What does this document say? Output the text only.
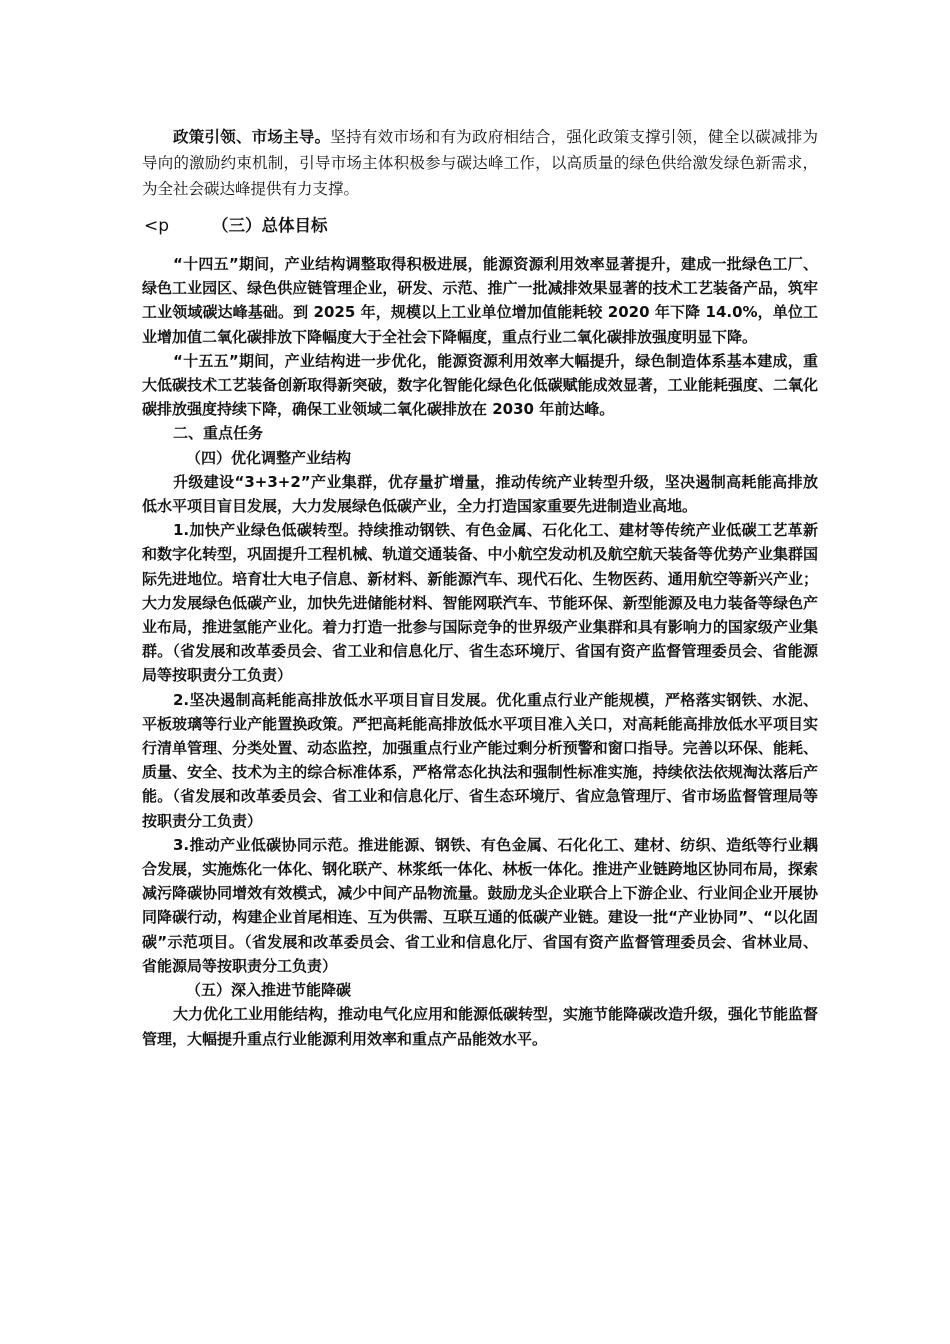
政策引领、市场主导。坚持有效市场和有为政府相结合，强化政策支撑引领，健全以碳减排为导向的激励约束机制，引导市场主体积极参与碳达峰工作，以高质量的绿色供给激发绿色新需求，为全社会碳达峰提供有力支撑。

<p	（三）总体目标

“十四五”期间，产业结构调整取得积极进展，能源资源利用效率显著提升，建成一批绿色工厂、绿色工业园区、绿色供应链管理企业，研发、示范、推广一批减排效果显著的技术工艺装备产品，筑牢工业领域碳达峰基础。到 2025 年，规模以上工业单位增加值能耗较 2020 年下降 14.0%，单位工业增加值二氧化碳排放下降幅度大于全社会下降幅度，重点行业二氧化碳排放强度明显下降。

“十五五”期间，产业结构进一步优化，能源资源利用效率大幅提升，绿色制造体系基本建成，重大低碳技术工艺装备创新取得新突破，数字化智能化绿色化低碳赋能成效显著，工业能耗强度、二氧化碳排放强度持续下降，确保工业领域二氧化碳排放在 2030 年前达峰。

二、重点任务

（四）优化调整产业结构

升级建设“3+3+2”产业集群，优存量扩增量，推动传统产业转型升级，坚决遏制高耗能高排放低水平项目盲目发展，大力发展绿色低碳产业，全力打造国家重要先进制造业高地。

1.加快产业绿色低碳转型。持续推动钢铁、有色金属、石化化工、建材等传统产业低碳工艺革新和数字化转型，巩固提升工程机械、轨道交通装备、中小航空发动机及航空航天装备等优势产业集群国际先进地位。培育壮大电子信息、新材料、新能源汽车、现代石化、生物医药、通用航空等新兴产业；大力发展绿色低碳产业，加快先进储能材料、智能网联汽车、节能环保、新型能源及电力装备等绿色产业布局，推进氢能产业化。着力打造一批参与国际竞争的世界级产业集群和具有影响力的国家级产业集群。（省发展和改革委员会、省工业和信息化厅、省生态环境厅、省国有资产监督管理委员会、省能源局等按职责分工负责）

2.坚决遏制高耗能高排放低水平项目盲目发展。优化重点行业产能规模，严格落实钢铁、水泥、平板玻璃等行业产能置换政策。严把高耗能高排放低水平项目准入关口，对高耗能高排放低水平项目实行清单管理、分类处置、动态监控，加强重点行业产能过剩分析预警和窗口指导。完善以环保、能耗、质量、安全、技术为主的综合标准体系，严格常态化执法和强制性标准实施，持续依法依规淘汰落后产能。（省发展和改革委员会、省工业和信息化厅、省生态环境厅、省应急管理厅、省市场监督管理局等按职责分工负责）

3.推动产业低碳协同示范。推进能源、钢铁、有色金属、石化化工、建材、纺织、造纸等行业耦合发展，实施炼化一体化、钢化联产、林浆纸一体化、林板一体化。推进产业链跨地区协同布局，探索减污降碳协同增效有效模式，减少中间产品物流量。鼓励龙头企业联合上下游企业、行业间企业开展协同降碳行动，构建企业首尾相连、互为供需、互联互通的低碳产业链。建设一批“产业协同”、“以化固碳”示范项目。（省发展和改革委员会、省工业和信息化厅、省国有资产监督管理委员会、省林业局、省能源局等按职责分工负责）

（五）深入推进节能降碳

大力优化工业用能结构，推动电气化应用和能源低碳转型，实施节能降碳改造升级，强化节能监督管理，大幅提升重点行业能源利用效率和重点产品能效水平。
